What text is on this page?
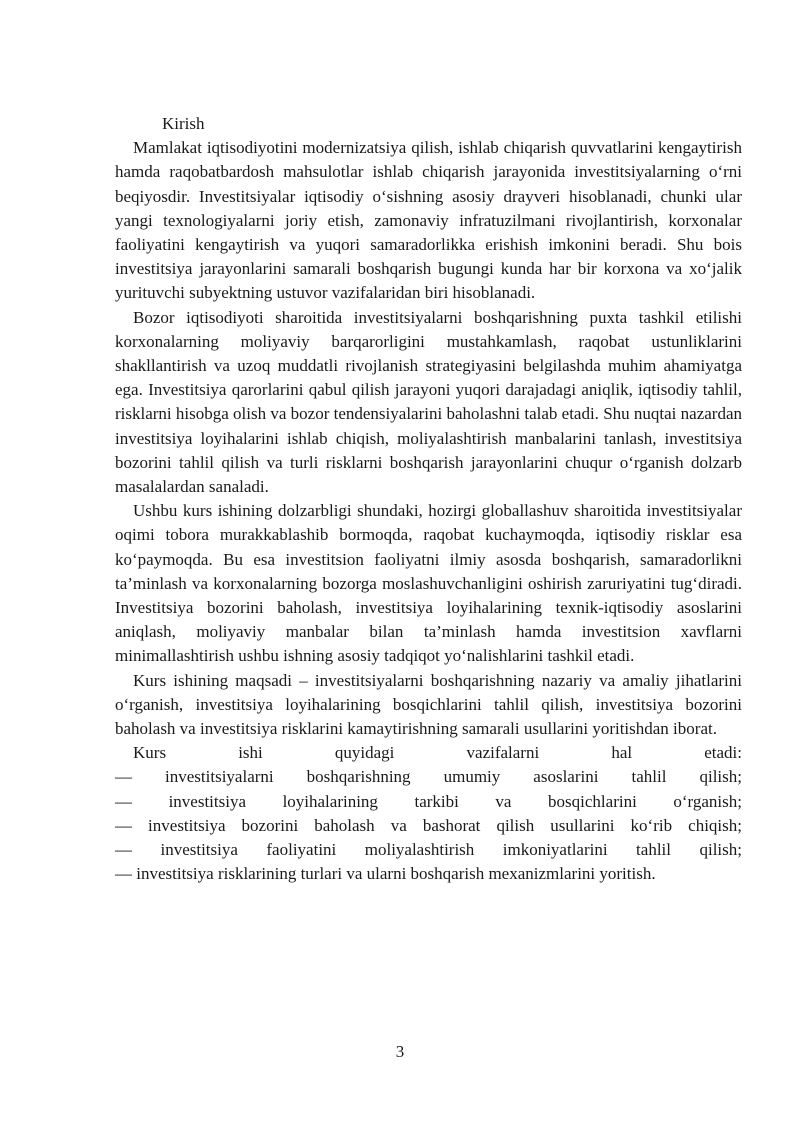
Kirish

Mamlakat iqtisodiyotini modernizatsiya qilish, ishlab chiqarish quvvatlarini kengaytirish hamda raqobatbardosh mahsulotlar ishlab chiqarish jarayonida investitsiyalarning o‘rni beqiyosdir. Investitsiyalar iqtisodiy o‘sishning asosiy drayveri hisoblanadi, chunki ular yangi texnologiyalarni joriy etish, zamonaviy infratuzilmani rivojlantirish, korxonalar faoliyatini kengaytirish va yuqori samaradorlikka erishish imkonini beradi. Shu bois investitsiya jarayonlarini samarali boshqarish bugungi kunda har bir korxona va xo‘jalik yurituvchi subyektning ustuvor vazifalaridan biri hisoblanadi.

Bozor iqtisodiyoti sharoitida investitsiyalarni boshqarishning puxta tashkil etilishi korxonalarning moliyaviy barqarorligini mustahkamlash, raqobat ustunliklarini shakllantirish va uzoq muddatli rivojlanish strategiyasini belgilashda muhim ahamiyatga ega. Investitsiya qarorlarini qabul qilish jarayoni yuqori darajadagi aniqlik, iqtisodiy tahlil, risklarni hisobga olish va bozor tendensiyalarini baholashni talab etadi. Shu nuqtai nazardan investitsiya loyihalarini ishlab chiqish, moliyalashtirish manbalarini tanlash, investitsiya bozorini tahlil qilish va turli risklarni boshqarish jarayonlarini chuqur o‘rganish dolzarb masalalardan sanaladi.

Ushbu kurs ishining dolzarbligi shundaki, hozirgi globallashuv sharoitida investitsiyalar oqimi tobora murakkablashib bormoqda, raqobat kuchaymoqda, iqtisodiy risklar esa ko‘paymoqda. Bu esa investitsion faoliyatni ilmiy asosda boshqarish, samaradorlikni ta’minlash va korxonalarning bozorga moslashuvchanligini oshirish zaruriyatini tug‘diradi. Investitsiya bozorini baholash, investitsiya loyihalarining texnik-iqtisodiy asoslarini aniqlash, moliyaviy manbalar bilan ta’minlash hamda investitsion xavflarni minimallashtirish ushbu ishning asosiy tadqiqot yo‘nalishlarini tashkil etadi.

Kurs ishining maqsadi – investitsiyalarni boshqarishning nazariy va amaliy jihatlarini o‘rganish, investitsiya loyihalarining bosqichlarini tahlil qilish, investitsiya bozorini baholash va investitsiya risklarini kamaytirishning samarali usullarini yoritishdan iborat.

Kurs ishi quyidagi vazifalarni hal etadi:

— investitsiyalarni boshqarishning umumiy asoslarini tahlil qilish;

— investitsiya loyihalarining tarkibi va bosqichlarini o‘rganish;

— investitsiya bozorini baholash va bashorat qilish usullarini ko‘rib chiqish;

— investitsiya faoliyatini moliyalashtirish imkoniyatlarini tahlil qilish;

— investitsiya risklarining turlari va ularni boshqarish mexanizmlarini yoritish.

3
